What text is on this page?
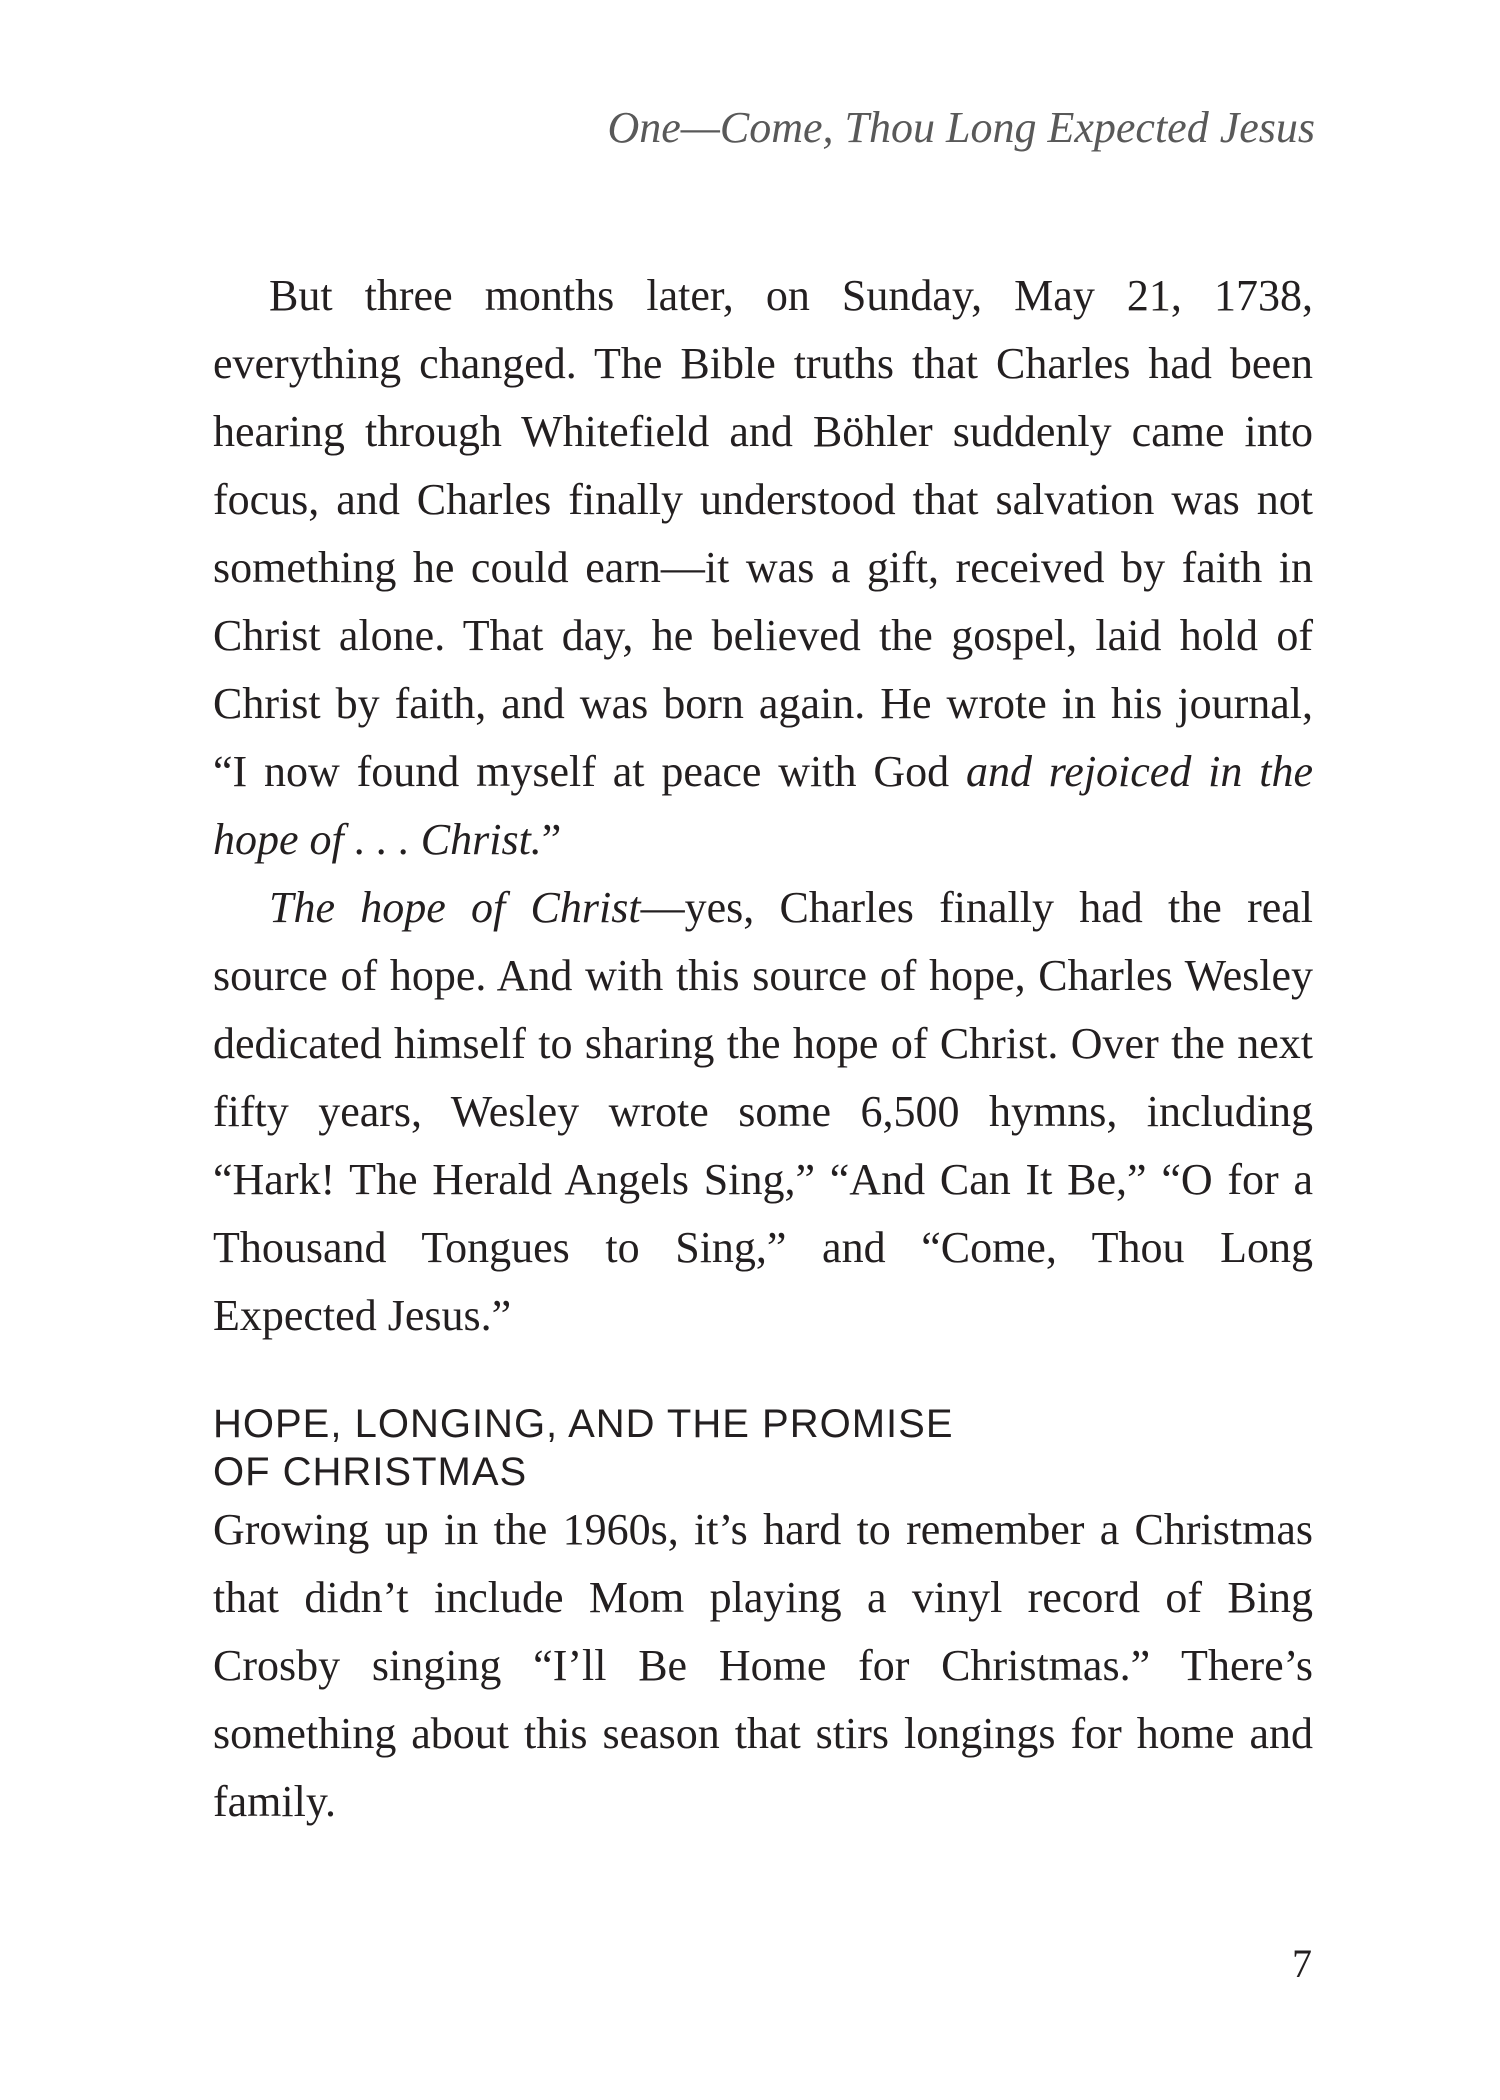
One—Come, Thou Long Expected Jesus

But three months later, on Sunday, May 21, 1738, everything changed. The Bible truths that Charles had been hearing through Whitefield and Böhler suddenly came into focus, and Charles finally understood that salvation was not something he could earn—it was a gift, received by faith in Christ alone. That day, he believed the gospel, laid hold of Christ by faith, and was born again. He wrote in his journal, “I now found myself at peace with God and rejoiced in the hope of . . . Christ.”

The hope of Christ—yes, Charles finally had the real source of hope. And with this source of hope, Charles Wesley dedicated himself to sharing the hope of Christ. Over the next fifty years, Wesley wrote some 6,500 hymns, including “Hark! The Herald Angels Sing,” “And Can It Be,” “O for a Thousand Tongues to Sing,” and “Come, Thou Long Expected Jesus.”

HOPE, LONGING, AND THE PROMISE
OF CHRISTMAS

Growing up in the 1960s, it’s hard to remember a Christmas that didn’t include Mom playing a vinyl record of Bing Crosby singing “I’ll Be Home for Christmas.” There’s something about this season that stirs longings for home and family.

7
